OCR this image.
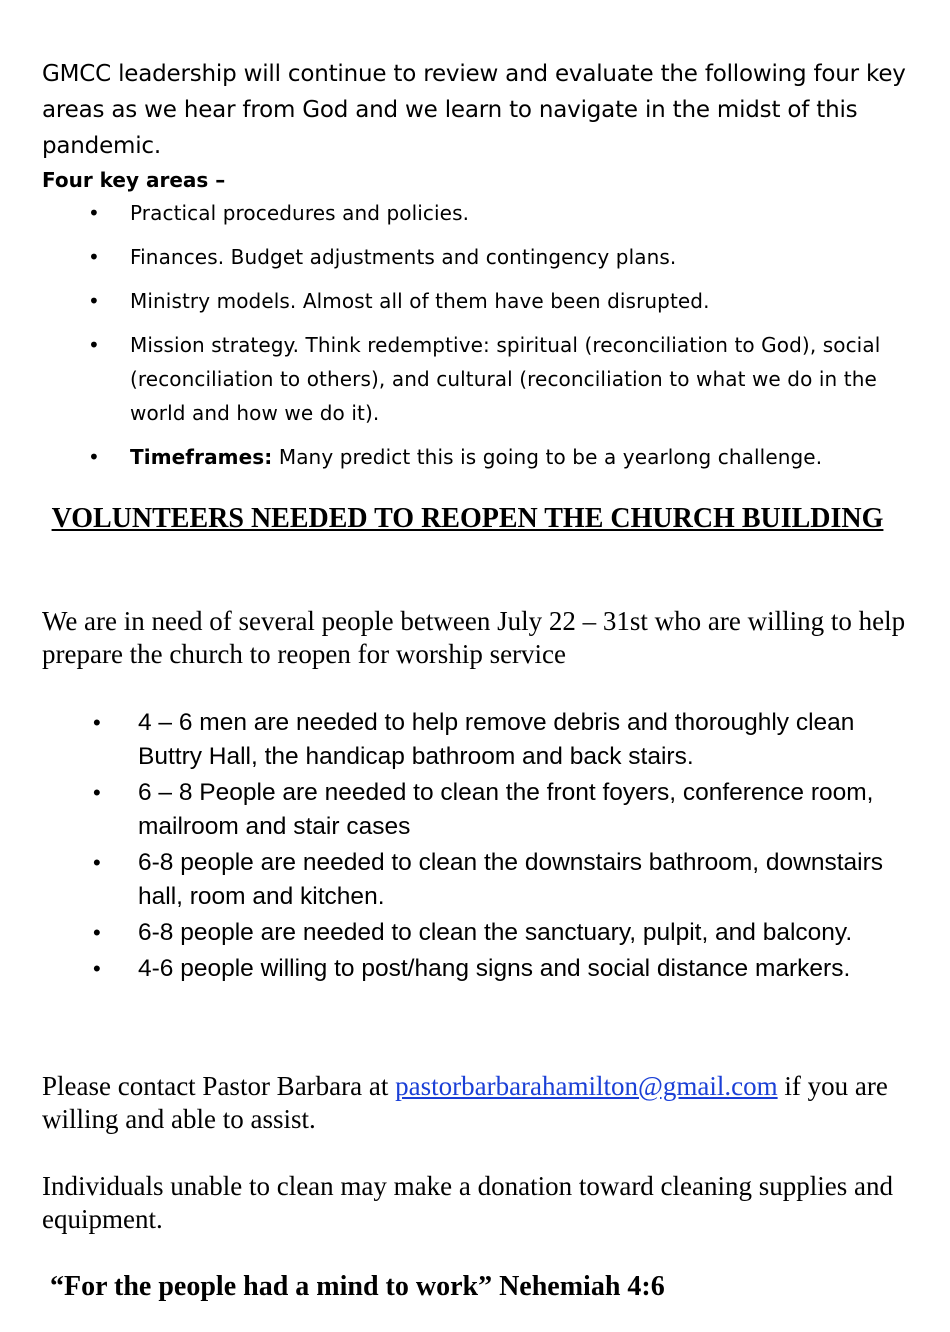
GMCC leadership will continue to review and evaluate the following four key areas as we hear from God and we learn to navigate in the midst of this pandemic.
Four key areas –
• Practical procedures and policies.
• Finances. Budget adjustments and contingency plans.
• Ministry models. Almost all of them have been disrupted.
• Mission strategy. Think redemptive: spiritual (reconciliation to God), social (reconciliation to others), and cultural (reconciliation to what we do in the world and how we do it).
• Timeframes: Many predict this is going to be a yearlong challenge.
VOLUNTEERS NEEDED TO REOPEN THE CHURCH BUILDING
We are in need of several people between July 22 – 31st who are willing to help prepare the church to reopen for worship service
• 4 – 6 men are needed to help remove debris and thoroughly clean Buttry Hall, the handicap bathroom and back stairs.
• 6 – 8 People are needed to clean the front foyers, conference room, mailroom and stair cases
• 6-8 people are needed to clean the downstairs bathroom, downstairs hall, room and kitchen.
• 6-8 people are needed to clean the sanctuary, pulpit, and balcony.
• 4-6 people willing to post/hang signs and social distance markers.
Please contact Pastor Barbara at pastorbarbarahamilton@gmail.com if you are willing and able to assist.
Individuals unable to clean may make a donation toward cleaning supplies and equipment.
“For the people had a mind to work” Nehemiah 4:6
